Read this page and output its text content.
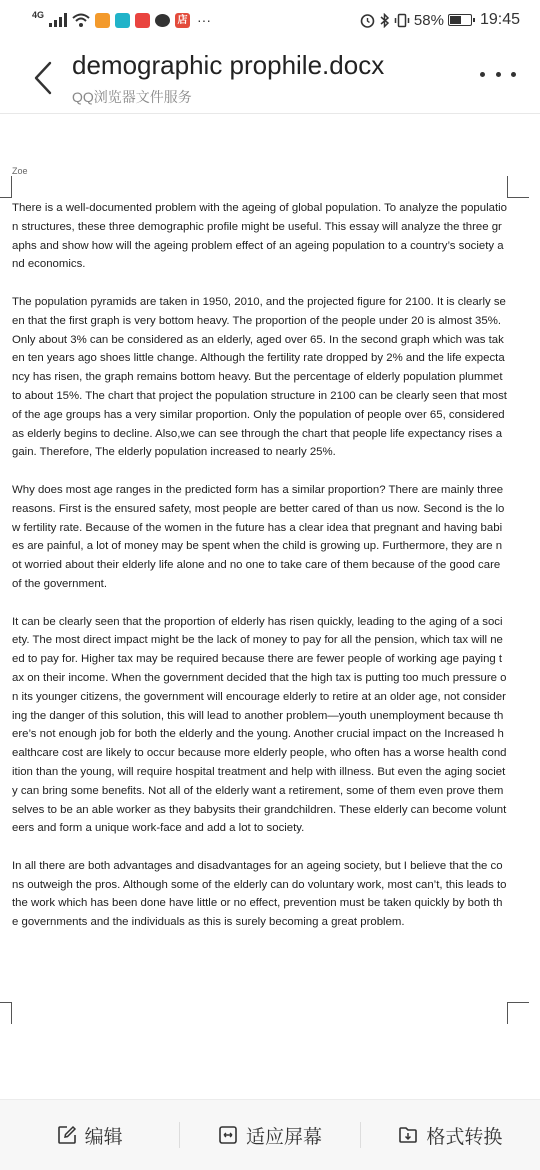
4G	店 ···	58% 19:45
demographic prophile.docx
QQ浏览器文件服务
Zoe

There is a well-documented problem with the ageing of global population. To analyze the population structures, these three demographic profile might be useful. This essay will analyze the three graphs and show how will the ageing problem effect of an ageing population to a country’s society and economics.

The population pyramids are taken in 1950, 2010, and the projected figure for 2100. It is clearly seen that the first graph is very bottom heavy. The proportion of the people under 20 is almost 35%. Only about 3% can be considered as an elderly, aged over 65. In the second graph which was taken ten years ago shoes little change. Although the fertility rate dropped by 2% and the life expectancy has risen, the graph remains bottom heavy. But the percentage of elderly population plummet to about 15%. The chart that project the population structure in 2100 can be clearly seen that most of the age groups has a very similar proportion. Only the population of people over 65, considered as elderly begins to decline. Also,we can see through the chart that people life expectancy rises again. Therefore, The elderly population increased to nearly 25%.

Why does most age ranges in the predicted form has a similar proportion? There are mainly three reasons. First is the ensured safety, most people are better cared of than us now. Second is the low fertility rate. Because of the women in the future has a clear idea that pregnant and having babies are painful, a lot of money may be spent when the child is growing up. Furthermore, they are not worried about their elderly life alone and no one to take care of them because of the good care of the government.

It can be clearly seen that the proportion of elderly has risen quickly, leading to the aging of a society. The most direct impact might be the lack of money to pay for all the pension, which tax will need to pay for. Higher tax may be required because there are fewer people of working age paying tax on their income. When the government decided that the high tax is putting too much pressure on its younger citizens, the government will encourage elderly to retire at an older age, not considering the danger of this solution, this will lead to another problem—youth unemployment because there’s not enough job for both the elderly and the young. Another crucial impact on the Increased healthcare cost are likely to occur because more elderly people, who often has a worse health condition than the young, will require hospital treatment and help with illness. But even the aging society can bring some benefits. Not all of the elderly want a retirement, some of them even prove themselves to be an able worker as they babysits their grandchildren. These elderly can become volunteers and form a unique work-face and add a lot to society.

In all there are both advantages and disadvantages for an ageing society, but I believe that the cons outweigh the pros. Although some of the elderly can do voluntary work, most can’t, this leads to the work which has been done have little or no effect, prevention must be taken quickly by both the governments and the individuals as this is surely becoming a great problem.

编辑	适应屏幕	格式转换
